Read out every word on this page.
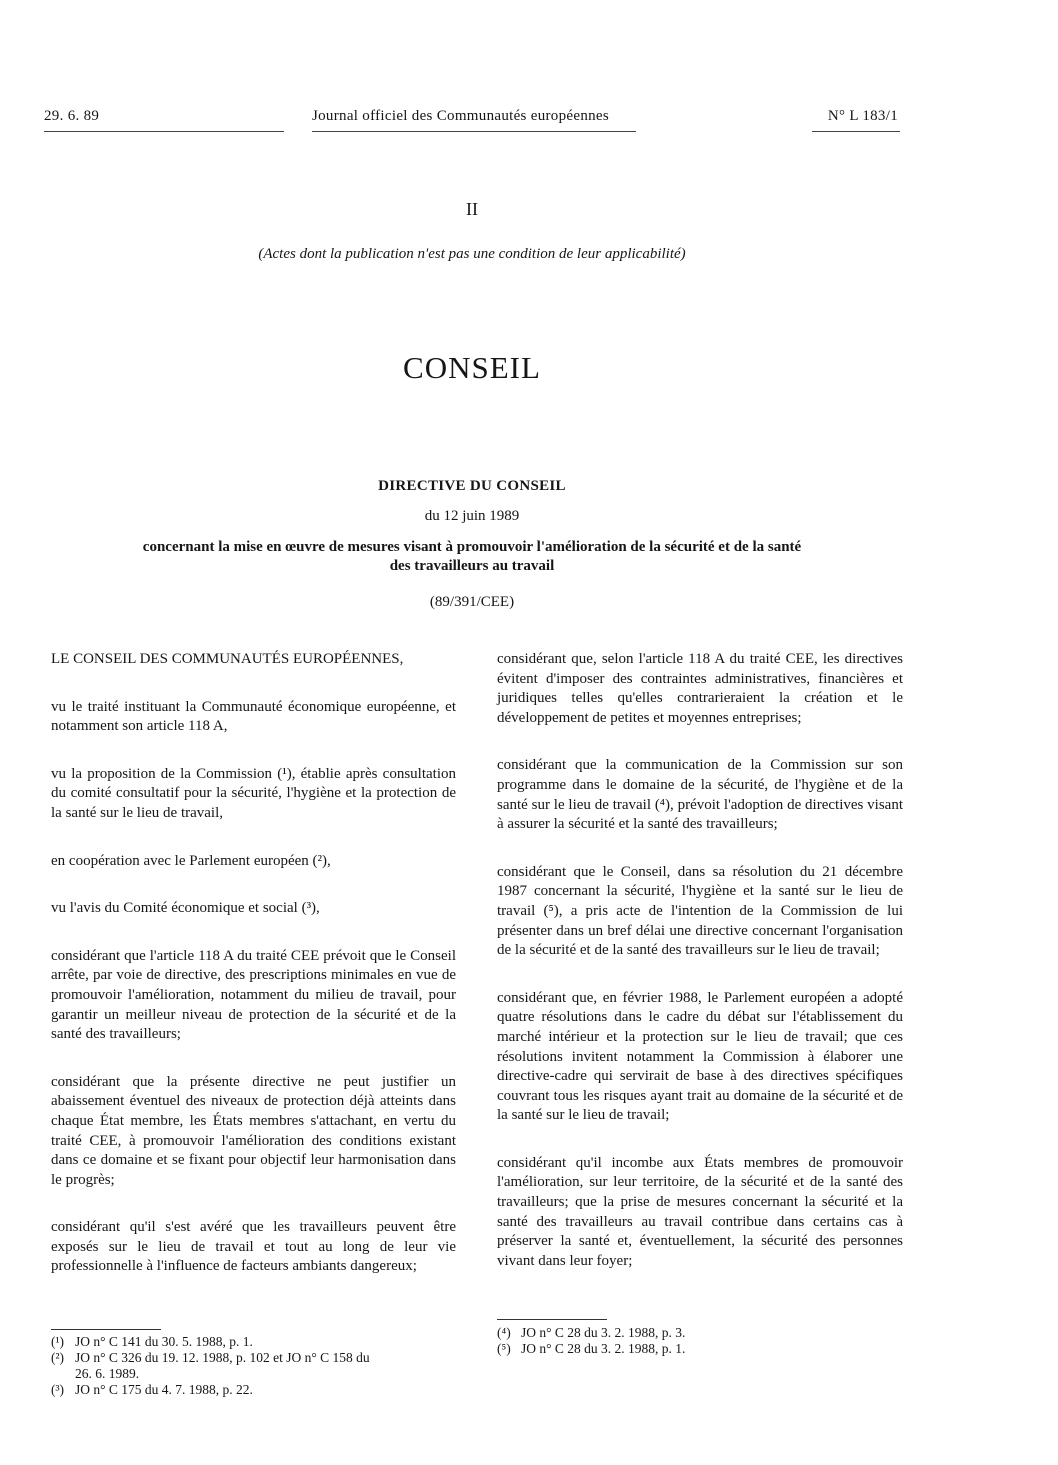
29. 6. 89	Journal officiel des Communautés européennes	N° L 183/1
II
(Actes dont la publication n'est pas une condition de leur applicabilité)
CONSEIL
DIRECTIVE DU CONSEIL
du 12 juin 1989
concernant la mise en œuvre de mesures visant à promouvoir l'amélioration de la sécurité et de la santé des travailleurs au travail
(89/391/CEE)

LE CONSEIL DES COMMUNAUTÉS EUROPÉENNES,

vu le traité instituant la Communauté économique européenne, et notamment son article 118 A,

vu la proposition de la Commission (¹), établie après consultation du comité consultatif pour la sécurité, l'hygiène et la protection de la santé sur le lieu de travail,

en coopération avec le Parlement européen (²),

vu l'avis du Comité économique et social (³),

considérant que l'article 118 A du traité CEE prévoit que le Conseil arrête, par voie de directive, des prescriptions minimales en vue de promouvoir l'amélioration, notamment du milieu de travail, pour garantir un meilleur niveau de protection de la sécurité et de la santé des travailleurs;

considérant que la présente directive ne peut justifier un abaissement éventuel des niveaux de protection déjà atteints dans chaque État membre, les États membres s'attachant, en vertu du traité CEE, à promouvoir l'amélioration des conditions existant dans ce domaine et se fixant pour objectif leur harmonisation dans le progrès;

considérant qu'il s'est avéré que les travailleurs peuvent être exposés sur le lieu de travail et tout au long de leur vie professionnelle à l'influence de facteurs ambiants dangereux;

considérant que, selon l'article 118 A du traité CEE, les directives évitent d'imposer des contraintes administratives, financières et juridiques telles qu'elles contrarieraient la création et le développement de petites et moyennes entreprises;

considérant que la communication de la Commission sur son programme dans le domaine de la sécurité, de l'hygiène et de la santé sur le lieu de travail (⁴), prévoit l'adoption de directives visant à assurer la sécurité et la santé des travailleurs;

considérant que le Conseil, dans sa résolution du 21 décembre 1987 concernant la sécurité, l'hygiène et la santé sur le lieu de travail (⁵), a pris acte de l'intention de la Commission de lui présenter dans un bref délai une directive concernant l'organisation de la sécurité et de la santé des travailleurs sur le lieu de travail;

considérant que, en février 1988, le Parlement européen a adopté quatre résolutions dans le cadre du débat sur l'établissement du marché intérieur et la protection sur le lieu de travail; que ces résolutions invitent notamment la Commission à élaborer une directive-cadre qui servirait de base à des directives spécifiques couvrant tous les risques ayant trait au domaine de la sécurité et de la santé sur le lieu de travail;

considérant qu'il incombe aux États membres de promouvoir l'amélioration, sur leur territoire, de la sécurité et de la santé des travailleurs; que la prise de mesures concernant la sécurité et la santé des travailleurs au travail contribue dans certains cas à préserver la santé et, éventuellement, la sécurité des personnes vivant dans leur foyer;

(¹) JO n° C 141 du 30. 5. 1988, p. 1.
(²) JO n° C 326 du 19. 12. 1988, p. 102 et JO n° C 158 du
26. 6. 1989.
(³) JO n° C 175 du 4. 7. 1988, p. 22.
(⁴) JO n° C 28 du 3. 2. 1988, p. 3.
(⁵) JO n° C 28 du 3. 2. 1988, p. 1.
